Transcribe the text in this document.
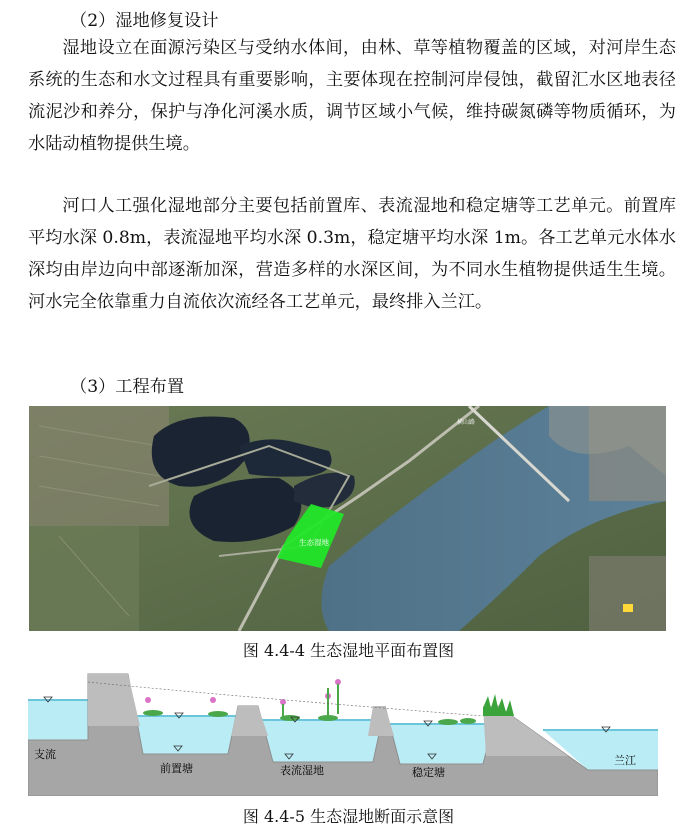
（2）湿地修复设计
湿地设立在面源污染区与受纳水体间，由林、草等植物覆盖的区域，对河岸生态系统的生态和水文过程具有重要影响，主要体现在控制河岸侵蚀，截留汇水区地表径流泥沙和养分，保护与净化河溪水质，调节区域小气候，维持碳氮磷等物质循环，为水陆动植物提供生境。
河口人工强化湿地部分主要包括前置库、表流湿地和稳定塘等工艺单元。前置库平均水深 0.8m，表流湿地平均水深 0.3m，稳定塘平均水深 1m。各工艺单元水体水深均由岸边向中部逐渐加深，营造多样的水深区间，为不同水生植物提供适生生境。河水完全依靠重力自流依次流经各工艺单元，最终排入兰江。
（3）工程布置
生态湿地
横山路
图 4.4-4 生态湿地平面布置图
支流
前置塘	表流湿地	稳定塘
兰江
图 4.4-5 生态湿地断面示意图
